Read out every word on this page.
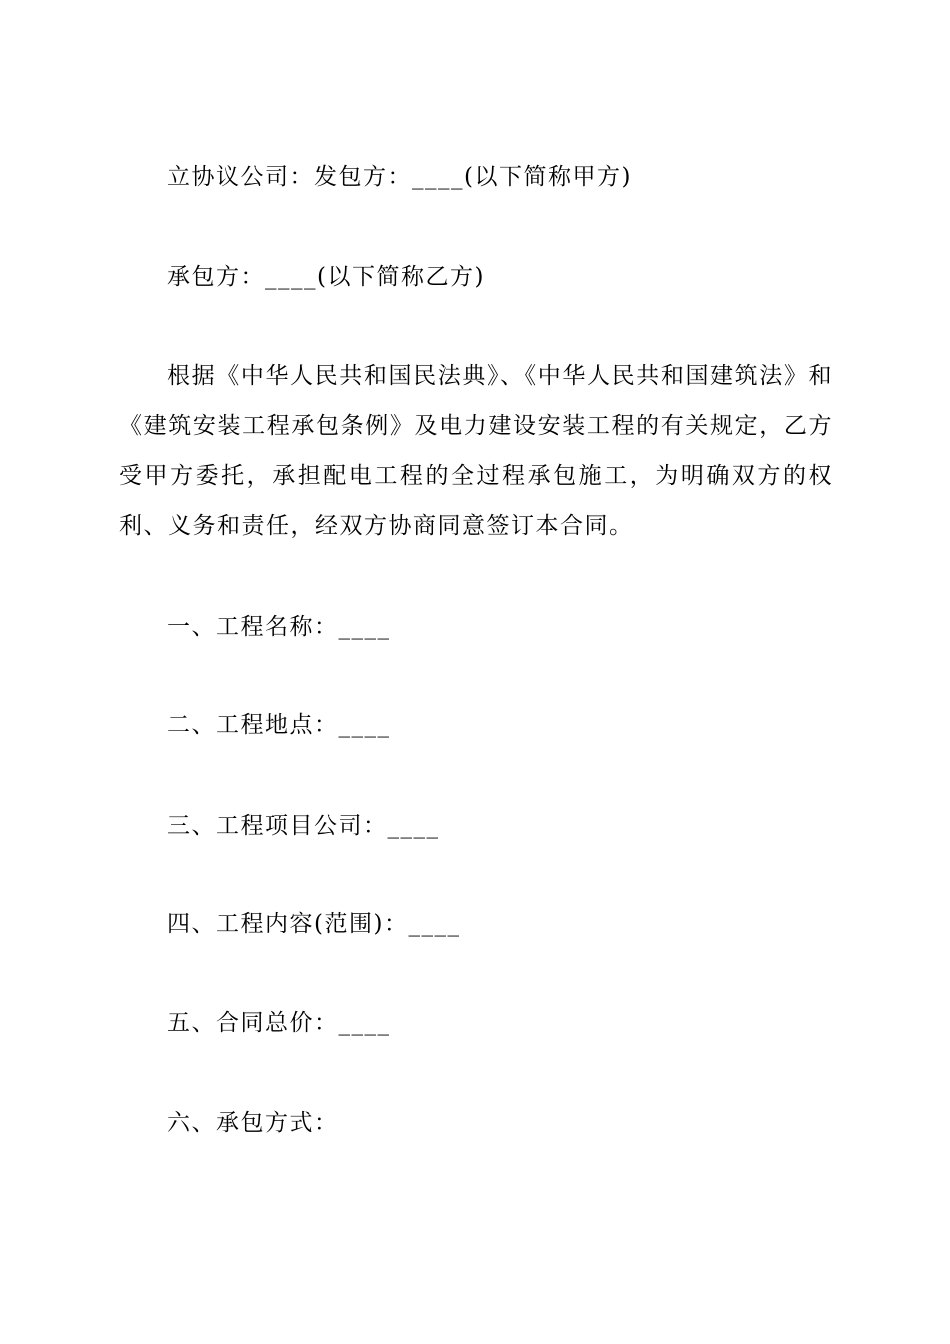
立协议公司：发包方：____(以下简称甲方)
承包方：____(以下简称乙方)
根据《中华人民共和国民法典》、《中华人民共和国建筑法》和《建筑安装工程承包条例》及电力建设安装工程的有关规定，乙方受甲方委托，承担配电工程的全过程承包施工，为明确双方的权利、义务和责任，经双方协商同意签订本合同。
一、工程名称：____
二、工程地点：____
三、工程项目公司：____
四、工程内容(范围)：____
五、合同总价：____
六、承包方式：
